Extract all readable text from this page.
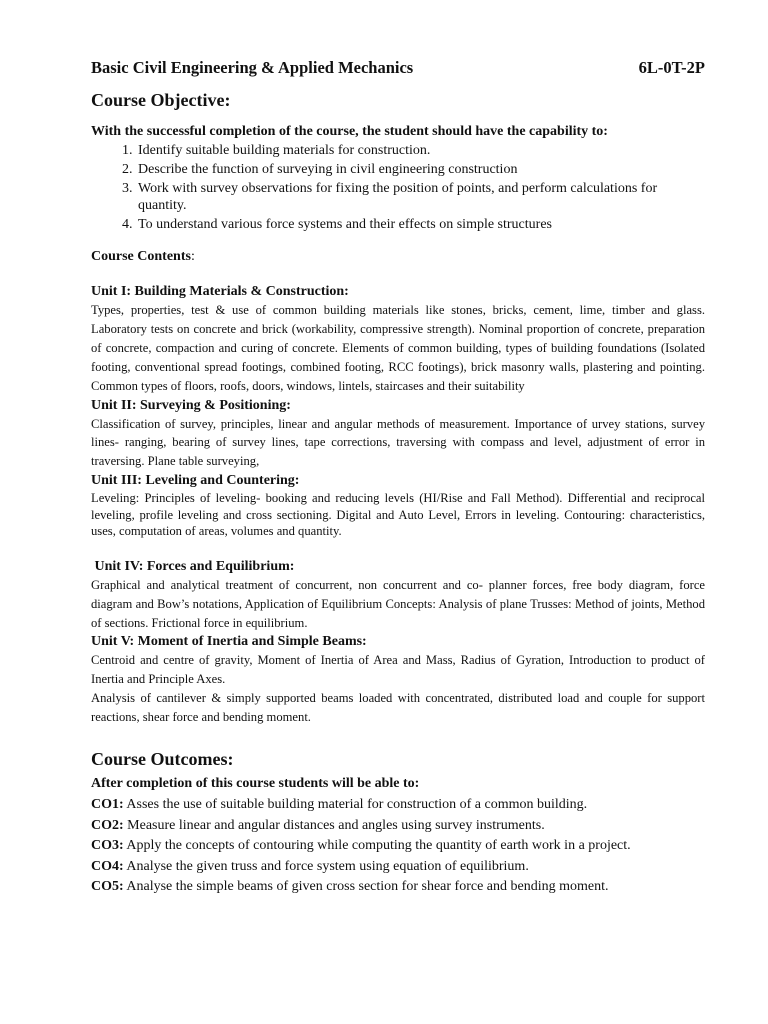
Basic Civil Engineering & Applied Mechanics	6L-0T-2P
Course Objective:
With the successful completion of the course, the student should have the capability to:
1. Identify suitable building materials for construction.
2. Describe the function of surveying in civil engineering construction
3. Work with survey observations for fixing the position of points, and perform calculations for quantity.
4. To understand various force systems and their effects on simple structures
Course Contents:
Unit I: Building Materials & Construction:

Types, properties, test & use of common building materials like stones, bricks, cement, lime, timber and glass. Laboratory tests on concrete and brick (workability, compressive strength). Nominal proportion of concrete, preparation of concrete, compaction and curing of concrete. Elements of common building, types of building foundations (Isolated footing, conventional spread footings, combined footing, RCC footings), brick masonry walls, plastering and pointing. Common types of floors, roofs, doors, windows, lintels, staircases and their suitability

Unit II: Surveying & Positioning:

Classification of survey, principles, linear and angular methods of measurement. Importance of urvey stations, survey lines- ranging, bearing of survey lines, tape corrections, traversing with compass and level, adjustment of error in traversing. Plane table surveying,

Unit III: Leveling and Countering:

Leveling: Principles of leveling- booking and reducing levels (HI/Rise and Fall Method). Differential and reciprocal leveling, profile leveling and cross sectioning. Digital and Auto Level, Errors in leveling. Contouring: characteristics, uses, computation of areas, volumes and quantity.

Unit IV: Forces and Equilibrium:

Graphical and analytical treatment of concurrent, non concurrent and co- planner forces, free body diagram, force diagram and Bow’s notations, Application of Equilibrium Concepts: Analysis of plane Trusses: Method of joints, Method of sections. Frictional force in equilibrium.

Unit V: Moment of Inertia and Simple Beams:

Centroid and centre of gravity, Moment of Inertia of Area and Mass, Radius of Gyration, Introduction to product of Inertia and Principle Axes.

Analysis of cantilever & simply supported beams loaded with concentrated, distributed load and couple for support reactions, shear force and bending moment.

Course Outcomes:
After completion of this course students will be able to:

CO1: Asses the use of suitable building material for construction of a common building.

CO2: Measure linear and angular distances and angles using survey instruments.

CO3: Apply the concepts of contouring while computing the quantity of earth work in a project.

CO4: Analyse the given truss and force system using equation of equilibrium.

CO5: Analyse the simple beams of given cross section for shear force and bending moment.
